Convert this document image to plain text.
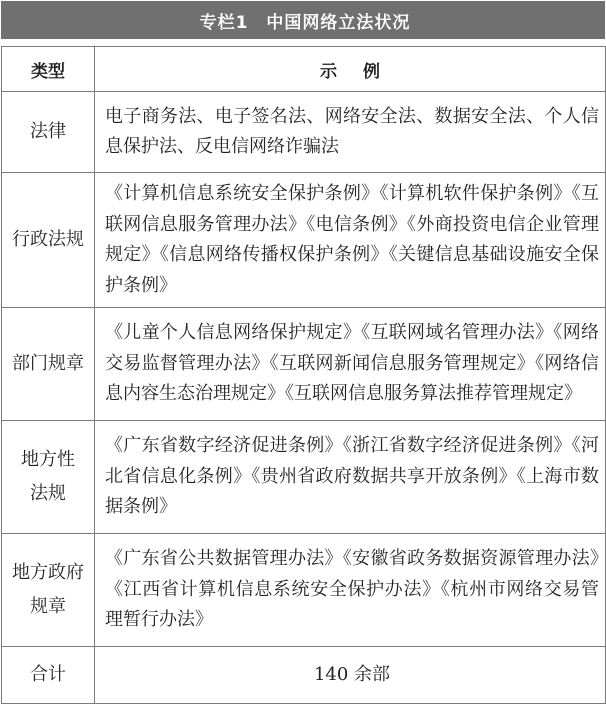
专栏1 中国网络立法状况
类型	示例
法律	电子商务法、电子签名法、网络安全法、数据安全法、个人信息保护法、反电信网络诈骗法
行政法规	《计算机信息系统安全保护条例》《计算机软件保护条例》《互联网信息服务管理办法》《电信条例》《外商投资电信企业管理规定》《信息网络传播权保护条例》《关键信息基础设施安全保护条例》
部门规章	《儿童个人信息网络保护规定》《互联网域名管理办法》《网络交易监督管理办法》《互联网新闻信息服务管理规定》《网络信息内容生态治理规定》《互联网信息服务算法推荐管理规定》

地方性法规	《广东省数字经济促进条例》《浙江省数字经济促进条例》《河北省信息化条例》《贵州省政府数据共享开放条例》《上海市数据条例》

地方政府规章	《广东省公共数据管理办法》《安徽省政务数据资源管理办法》《江西省计算机信息系统安全保护办法》《杭州市网络交易管理暂行办法》
合计	140 余部
